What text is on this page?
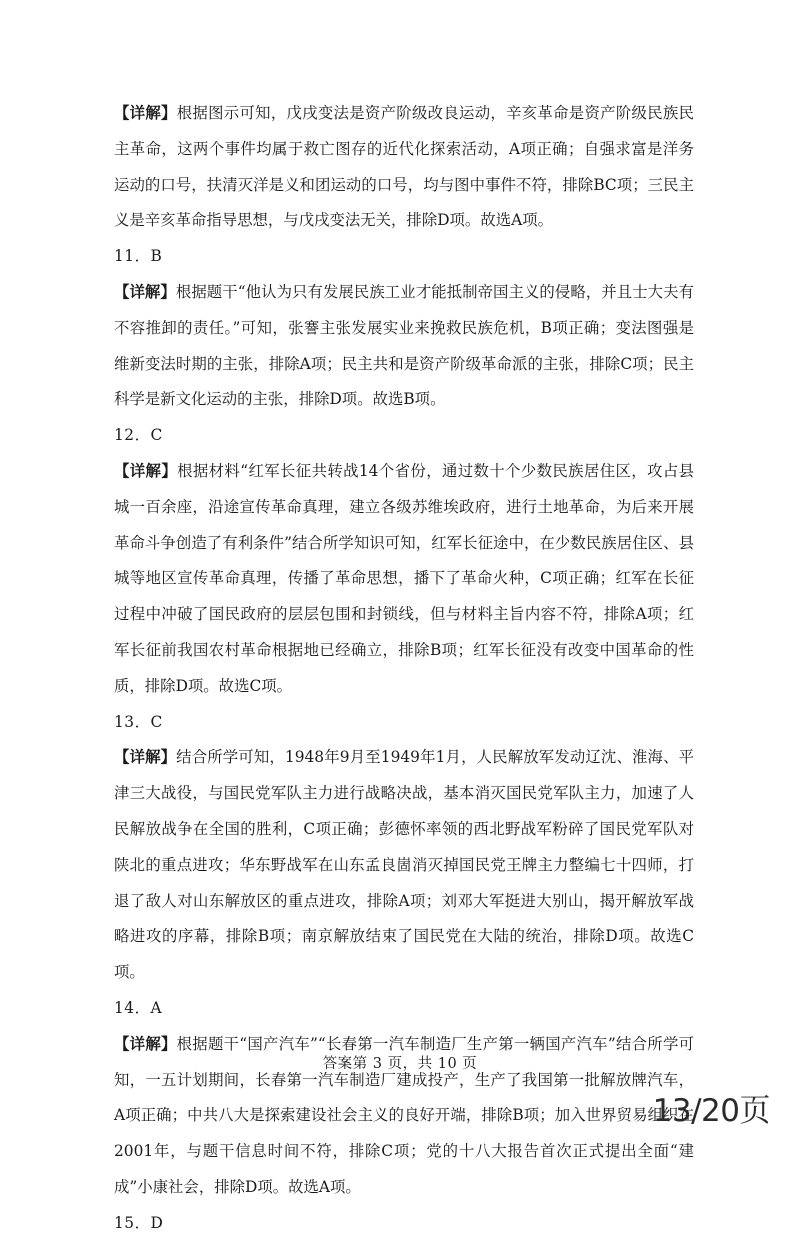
【详解】根据图示可知，戊戌变法是资产阶级改良运动，辛亥革命是资产阶级民族民主革命，这两个事件均属于救亡图存的近代化探索活动，A项正确；自强求富是洋务运动的口号，扶清灭洋是义和团运动的口号，均与图中事件不符，排除BC项；三民主义是辛亥革命指导思想，与戊戌变法无关，排除D项。故选A项。

11．B

【详解】根据题干“他认为只有发展民族工业才能抵制帝国主义的侵略，并且士大夫有不容推卸的责任。”可知，张謇主张发展实业来挽救民族危机，B项正确；变法图强是维新变法时期的主张，排除A项；民主共和是资产阶级革命派的主张，排除C项；民主科学是新文化运动的主张，排除D项。故选B项。

12．C

【详解】根据材料“红军长征共转战14个省份，通过数十个少数民族居住区，攻占县城一百余座，沿途宣传革命真理，建立各级苏维埃政府，进行土地革命，为后来开展革命斗争创造了有利条件”结合所学知识可知，红军长征途中，在少数民族居住区、县城等地区宣传革命真理，传播了革命思想，播下了革命火种，C项正确；红军在长征过程中冲破了国民政府的层层包围和封锁线，但与材料主旨内容不符，排除A项；红军长征前我国农村革命根据地已经确立，排除B项；红军长征没有改变中国革命的性质，排除D项。故选C项。

13．C

【详解】结合所学可知，1948年9月至1949年1月，人民解放军发动辽沈、淮海、平津三大战役，与国民党军队主力进行战略决战，基本消灭国民党军队主力，加速了人民解放战争在全国的胜利，C项正确；彭德怀率领的西北野战军粉碎了国民党军队对陕北的重点进攻；华东野战军在山东孟良崮消灭掉国民党王牌主力整编七十四师，打退了敌人对山东解放区的重点进攻，排除A项；刘邓大军挺进大别山，揭开解放军战略进攻的序幕，排除B项；南京解放结束了国民党在大陆的统治，排除D项。故选C项。

14．A

【详解】根据题干“国产汽车”“长春第一汽车制造厂生产第一辆国产汽车”结合所学可知，一五计划期间，长春第一汽车制造厂建成投产，生产了我国第一批解放牌汽车，A项正确；中共八大是探索建设社会主义的良好开端，排除B项；加入世界贸易组织在2001年，与题干信息时间不符，排除C项；党的十八大报告首次正式提出全面“建成”小康社会，排除D项。故选A项。

15．D

答案第 3 页，共 10 页
13/20页
